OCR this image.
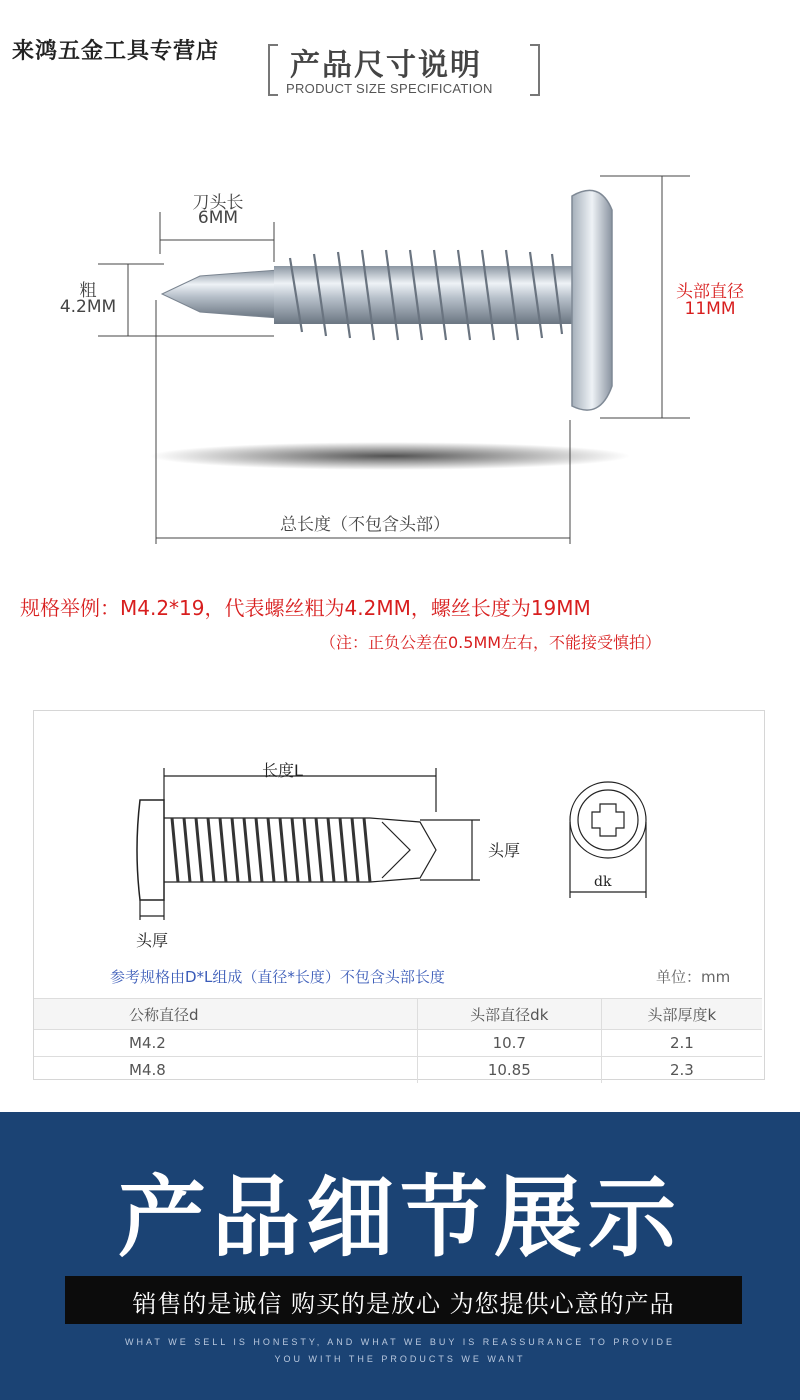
来鸿五金工具专营店 产品尺寸说明
PRODUCT SIZE SPECIFICATION
刀头长
6MM
粗
4.2MM
头部直径
11MM
总长度（不包含头部）
规格举例：M4.2*19，代表螺丝粗为4.2MM，螺丝长度为19MM
（注：正负公差在0.5MM左右，不能接受慎拍）
长度L
头厚
头厚
dk
参考规格由D*L组成（直径*长度）不包含头部长度	单位：mm
公称直径d	头部直径dk	头部厚度k
M4.2	10.7	2.1
M4.8	10.85	2.3
产品细节展示
销售的是诚信 购买的是放心 为您提供心意的产品
WHAT WE SELL IS HONESTY, AND WHAT WE BUY IS REASSURANCE TO PROVIDE
YOU WITH THE PRODUCTS WE WANT
